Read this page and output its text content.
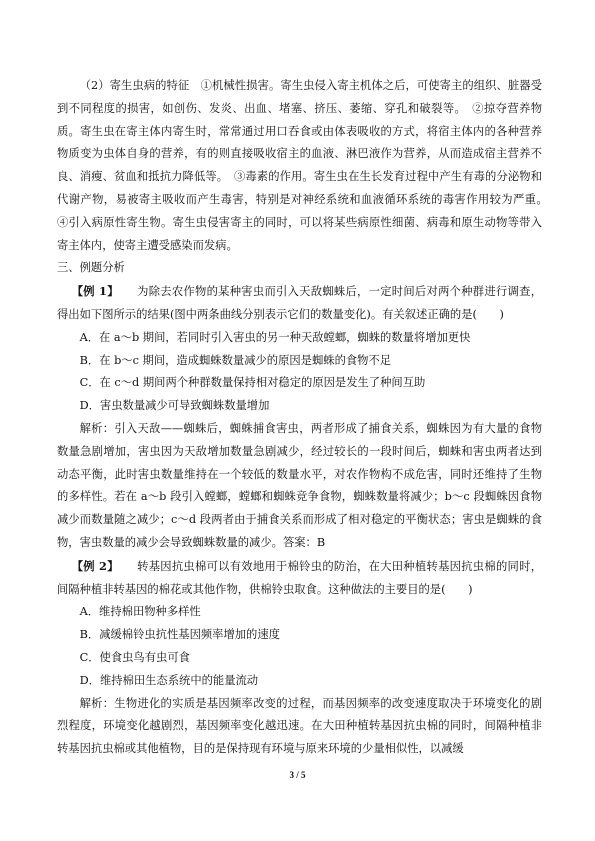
（2）寄生虫病的特征　①机械性损害。寄生虫侵入寄主机体之后，可使寄主的组织、脏器受到不同程度的损害，如创伤、发炎、出血、堵塞、挤压、萎缩、穿孔和破裂等。　②掠夺营养物质。寄生虫在寄主体内寄生时，常常通过用口吞食或由体表吸收的方式，将宿主体内的各种营养物质变为虫体自身的营养，有的则直接吸收宿主的血液、淋巴液作为营养，从而造成宿主营养不良、消瘦、贫血和抵抗力降低等。　③毒素的作用。寄生虫在生长发育过程中产生有毒的分泌物和代谢产物，易被寄主吸收而产生毒害，特别是对神经系统和血液循环系统的毒害作用较为严重。　④引入病原性寄生物。寄生虫侵害寄主的同时，可以将某些病原性细菌、病毒和原生动物等带入寄主体内，使寄主遭受感染而发病。

三、例题分析

【例 1】 为除去农作物的某种害虫而引入天敌蜘蛛后，一定时间后对两个种群进行调查，得出如下图所示的结果(图中两条曲线分别表示它们的数量变化)。有关叙述正确的是(　　)

A．在 a～b 期间，若同时引入害虫的另一种天敌螳螂，蜘蛛的数量将增加更快

B．在 b～c 期间，造成蜘蛛数量减少的原因是蜘蛛的食物不足

C．在 c～d 期间两个种群数量保持相对稳定的原因是发生了种间互助

D．害虫数量减少可导致蜘蛛数量增加

解析：引入天敌——蜘蛛后，蜘蛛捕食害虫，两者形成了捕食关系，蜘蛛因为有大量的食物数量急剧增加，害虫因为天敌增加数量急剧减少，经过较长的一段时间后，蜘蛛和害虫两者达到动态平衡，此时害虫数量维持在一个较低的数量水平，对农作物构不成危害，同时还维持了生物的多样性。若在 a～b 段引入螳螂，螳螂和蜘蛛竞争食物，蜘蛛数量将减少；b～c 段蜘蛛因食物减少而数量随之减少；c～d 段两者由于捕食关系而形成了相对稳定的平衡状态；害虫是蜘蛛的食物，害虫数量的减少会导致蜘蛛数量的减少。答案：B

【例 2】 转基因抗虫棉可以有效地用于棉铃虫的防治，在大田种植转基因抗虫棉的同时，间隔种植非转基因的棉花或其他作物，供棉铃虫取食。这种做法的主要目的是(　　)

A．维持棉田物种多样性

B．减缓棉铃虫抗性基因频率增加的速度

C．使食虫鸟有虫可食

D．维持棉田生态系统中的能量流动

解析：生物进化的实质是基因频率改变的过程，而基因频率的改变速度取决于环境变化的剧烈程度，环境变化越剧烈，基因频率变化越迅速。在大田种植转基因抗虫棉的同时，间隔种植非转基因抗虫棉或其他植物，目的是保持现有环境与原来环境的少量相似性，以减缓

3 / 5
